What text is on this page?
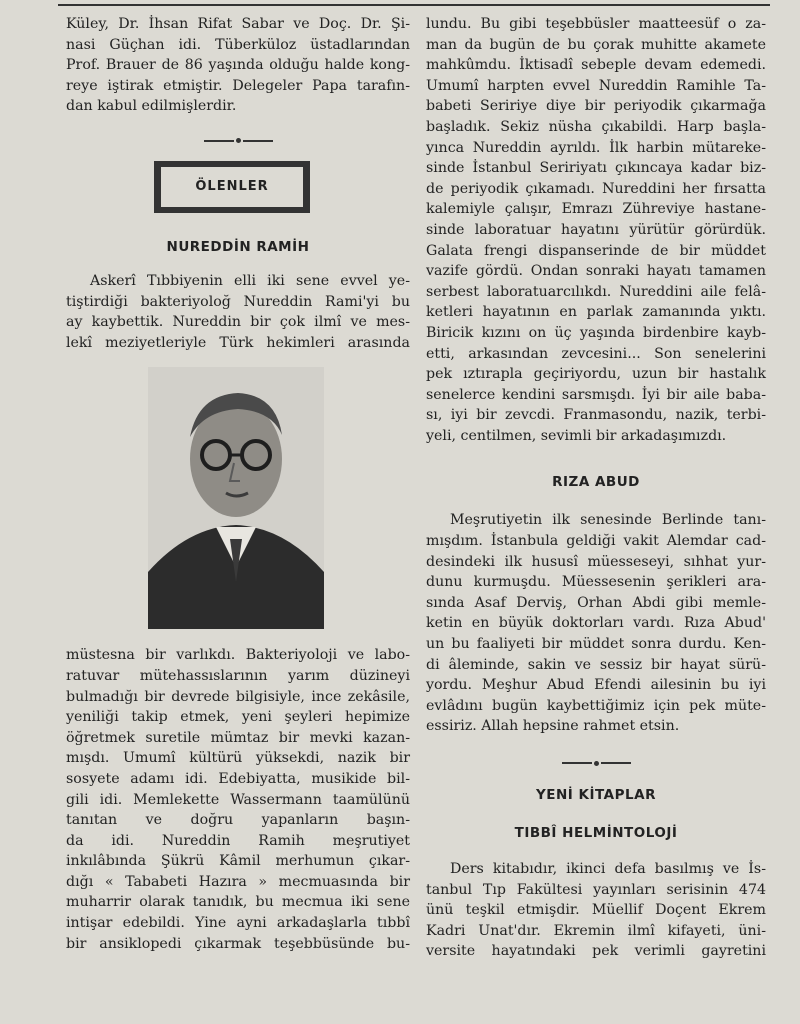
Küley, Dr. İhsan Rifat Sabar ve Doç. Dr. Şi-
nasi Güçhan idi. Tüberküloz üstadlarından
Prof. Brauer de 86 yaşında olduğu halde kong-
reye iştirak etmiştir. Delegeler Papa tarafın-
dan kabul edilmişlerdir.
ÖLENLER

NUREDDİN RAMİH

Askerî Tıbbiyenin elli iki sene evvel ye-
tiştirdiği bakteriyoloğ Nureddin Rami'yi bu
ay kaybettik. Nureddin bir çok ilmî ve mes-
lekî meziyetleriyle Türk hekimleri arasında
müstesna bir varlıkdı. Bakteriyoloji ve labo-
ratuvar mütehassıslarının yarım düzineyi
bulmadığı bir devrede bilgisiyle, ince zekâsile,
yeniliği takip etmek, yeni şeyleri hepimize
öğretmek suretile mümtaz bir mevki kazan-
mışdı. Umumî kültürü yüksekdi, nazik bir
sosyete adamı idi. Edebiyatta, musikide bil-
gili idi. Memlekette Wassermann taamülünü
tanıtan ve doğru yapanların başın-
da idi. Nureddin Ramih meşrutiyet
inkılâbında Şükrü Kâmil merhumun çıkar-
dığı « Tababeti Hazıra » mecmuasında bir
muharrir olarak tanıdık, bu mecmua iki sene
intişar edebildi. Yine ayni arkadaşlarla tıbbî
bir ansiklopedi çıkarmak teşebbüsünde bu-
lundu. Bu gibi teşebbüsler maatteesüf o za-
man da bugün de bu çorak muhitte akamete
mahkûmdu. İktisadî sebeple devam edemedi.
Umumî harpten evvel Nureddin Ramihle Ta-
babeti Seririye diye bir periyodik çıkarmağa
başladık. Sekiz nüsha çıkabildi. Harp başla-
yınca Nureddin ayrıldı. İlk harbin mütareke-
sinde İstanbul Seririyatı çıkıncaya kadar biz-
de periyodik çıkamadı. Nureddini her fırsatta
kalemiyle çalışır, Emrazı Zühreviye hastane-
sinde laboratuar hayatını yürütür görürdük.
Galata frengi dispanserinde de bir müddet
vazife gördü. Ondan sonraki hayatı tamamen
serbest laboratuarcılıkdı. Nureddini aile felâ-
ketleri hayatının en parlak zamanında yıktı.
Biricik kızını on üç yaşında birdenbire kayb-
etti, arkasından zevcesini... Son senelerini
pek ıztırapla geçiriyordu, uzun bir hastalık
senelerce kendini sarsmışdı. İyi bir aile baba-
sı, iyi bir zevcdi. Franmasondu, nazik, terbi-
yeli, centilmen, sevimli bir arkadaşımızdı.

RIZA ABUD

Meşrutiyetin ilk senesinde Berlinde tanı-
mışdım. İstanbula geldiği vakit Alemdar cad-
desindeki ilk hususî müesseseyi, sıhhat yur-
dunu kurmuşdu. Müessesenin şerikleri ara-
sında Asaf Derviş, Orhan Abdi gibi memle-
ketin en büyük doktorları vardı. Rıza Abud'
un bu faaliyeti bir müddet sonra durdu. Ken-
di âleminde, sakin ve sessiz bir hayat sürü-
yordu. Meşhur Abud Efendi ailesinin bu iyi
evlâdını bugün kaybettiğimiz için pek müte-
essiriz. Allah hepsine rahmet etsin.

YENİ KİTAPLAR

TIBBÎ HELMİNTOLOJİ

Ders kitabıdır, ikinci defa basılmış ve İs-
tanbul Tıp Fakültesi yayınları serisinin 474
ünü teşkil etmişdir. Müellif Doçent Ekrem
Kadri Unat'dır. Ekremin ilmî kifayeti, üni-
versite hayatındaki pek verimli gayretini
